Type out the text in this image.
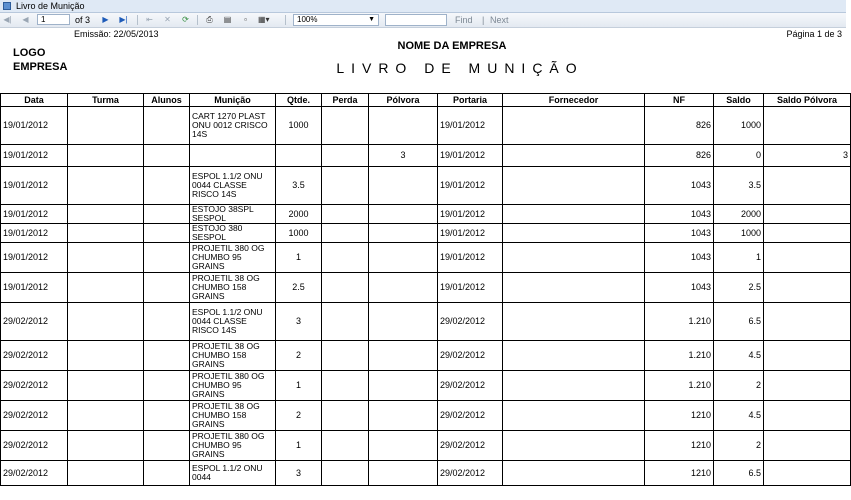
Livro de Munição
◀​|	◀	1	of 3	▶	▶| ⇤ ✕ ⟳ ⎙ ▤	▫	▦▾	100%	▼	Find | Next
Emissão: 22/05/2013	Página 1 de 3
LOGO
EMPRESA
NOME DA EMPRESA
LIVRO DE MUNIÇÃO
Data	Turma	Alunos	Munição	Qtde.	Perda	Pólvora	Portaria	Fornecedor	NF	Saldo	Saldo Pólvora
19/01/2012			CART 1270 PLAST ONU 0012 CRISCO 14S	1000			19/01/2012		826	1000	
19/01/2012						3	19/01/2012		826	0	3
19/01/2012			ESPOL 1.1/2 ONU 0044 CLASSE RISCO 14S	3.5			19/01/2012		1043	3.5	
19/01/2012			ESTOJO 38SPL SESPOL	2000			19/01/2012		1043	2000	
19/01/2012			ESTOJO 380 SESPOL	1000			19/01/2012		1043	1000	
19/01/2012			PROJETIL 380 OG CHUMBO 95 GRAINS	1			19/01/2012		1043	1	
19/01/2012			PROJETIL 38 OG CHUMBO 158 GRAINS	2.5			19/01/2012		1043	2.5	
29/02/2012			ESPOL 1.1/2 ONU 0044 CLASSE RISCO 14S	3			29/02/2012		1.210	6.5	
29/02/2012			PROJETIL 38 OG CHUMBO 158 GRAINS	2			29/02/2012		1.210	4.5	
29/02/2012			PROJETIL 380 OG CHUMBO 95 GRAINS	1			29/02/2012		1.210	2	
29/02/2012			PROJETIL 38 OG CHUMBO 158 GRAINS	2			29/02/2012		1210	4.5	
29/02/2012			PROJETIL 380 OG CHUMBO 95 GRAINS	1			29/02/2012		1210	2	
29/02/2012			ESPOL 1.1/2 ONU 0044	3			29/02/2012		1210	6.5	
